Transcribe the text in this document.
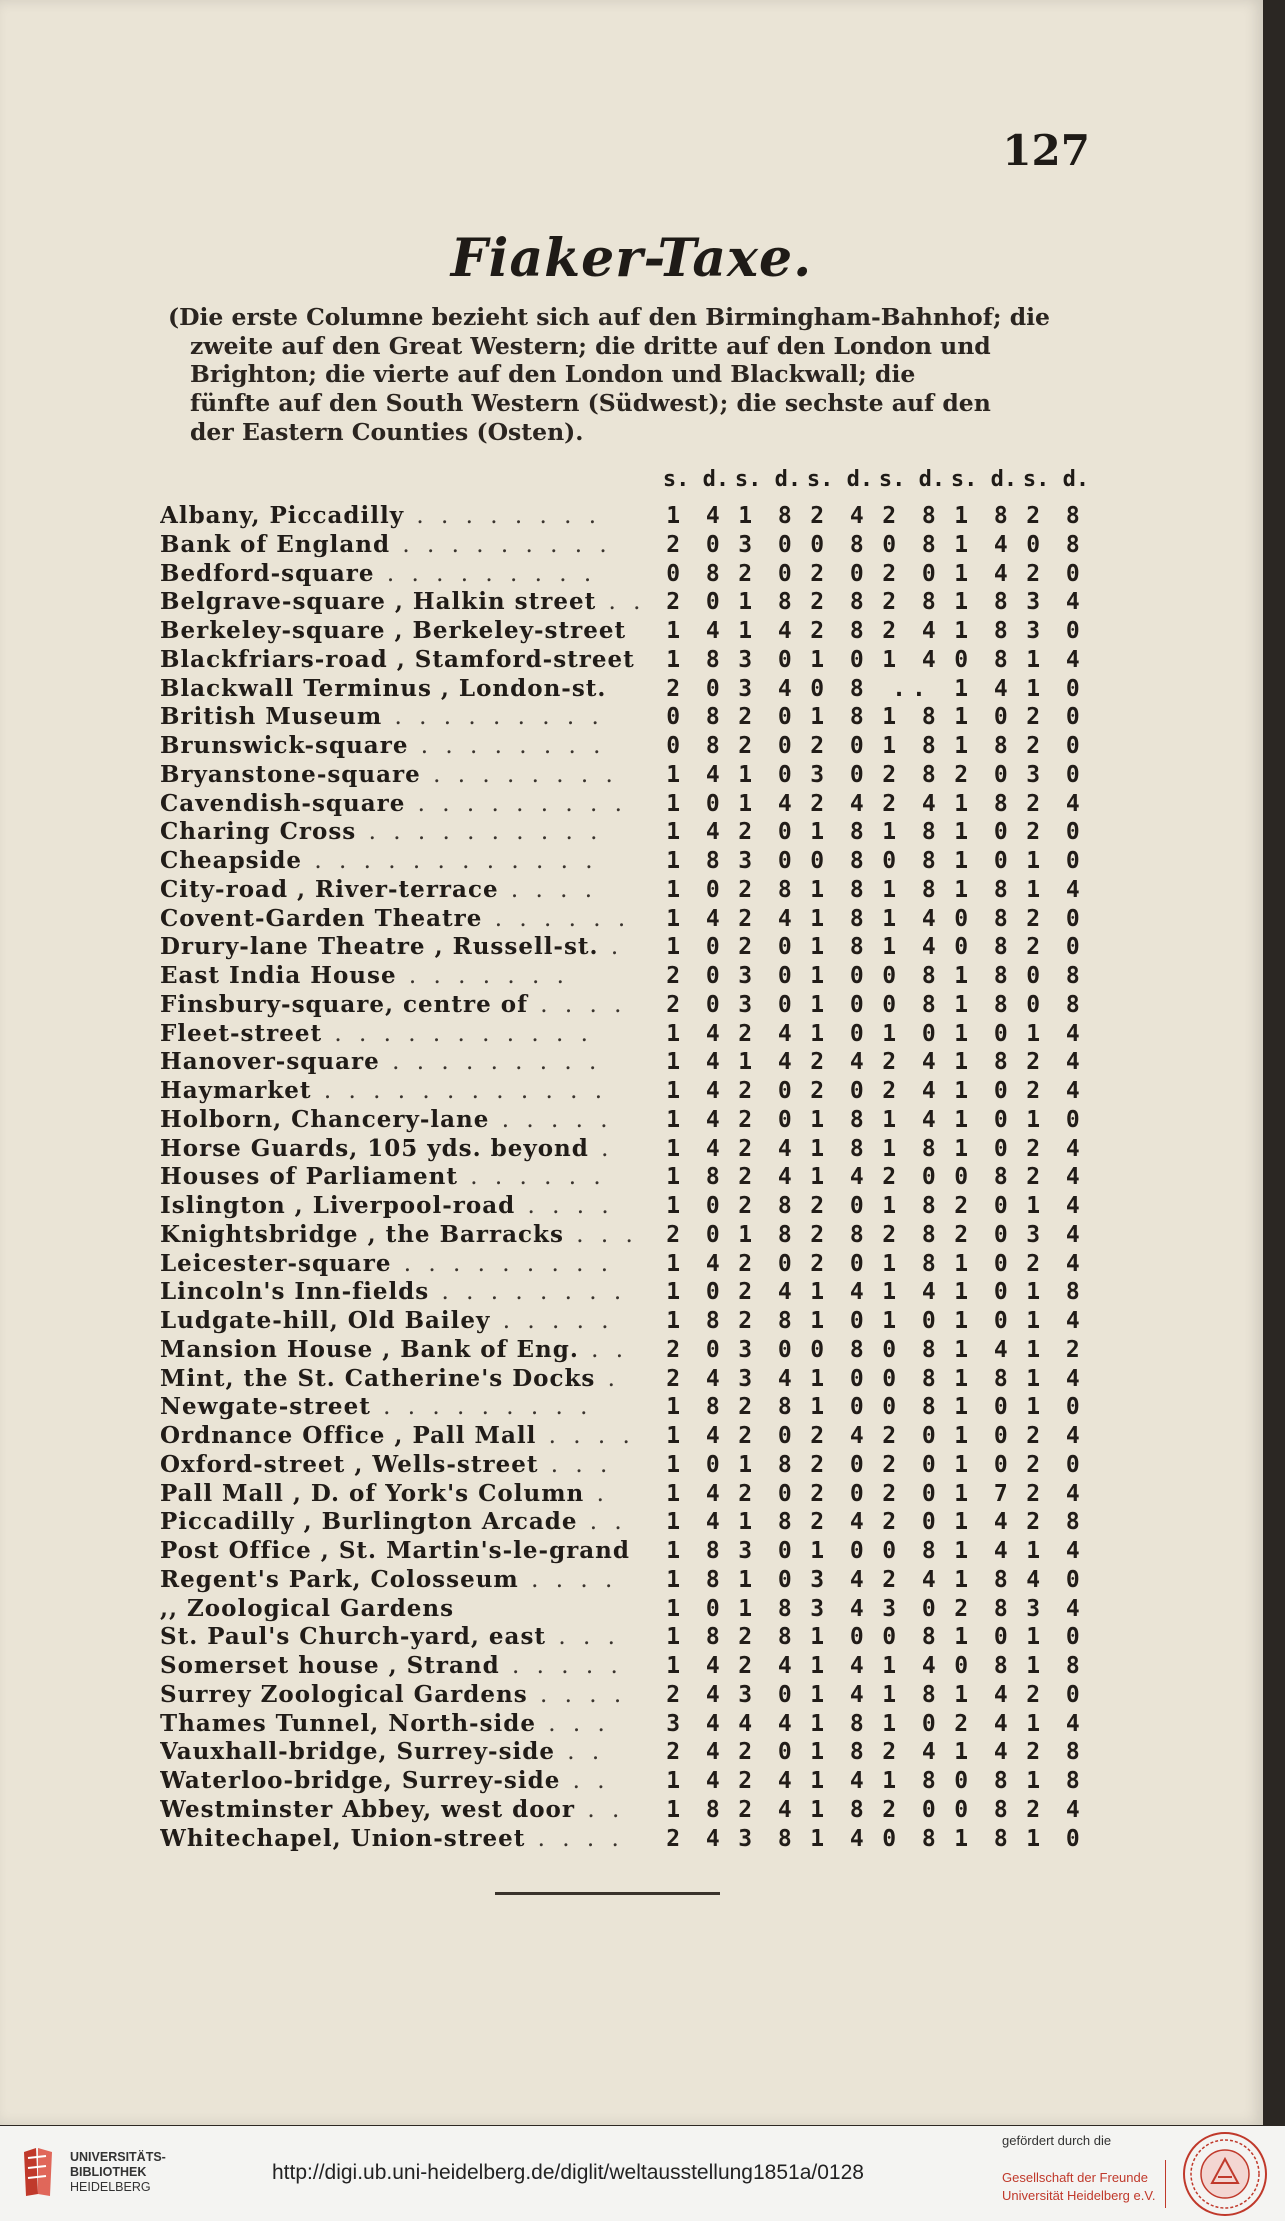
127
Fiaker-Taxe.

(Die erste Columne bezieht sich auf den Birmingham-Bahnhof; die

zweite auf den Great Western; die dritte auf den London und

Brighton; die vierte auf den London und Blackwall; die

fünfte auf den South Western (Südwest); die sechste auf den

der Eastern Counties (Osten).

s. d. s. d. s. d. s. d. s. d. s. d.
Albany, Piccadilly . . . . . . . .	1 4 1 8 2 4 2 8 1 8 2 8
Bank of England . . . . . . . . .	2 0 3 0 0 8 0 8 1 4 0 8
Bedford-square . . . . . . . . .	0 8 2 0 2 0 2 0 1 4 2 0
Belgrave-square , Halkin street . . 2 0 1 8 2 8 2 8 1 8 3 4
Berkeley-square , Berkeley-street	1 4 1 4 2 8 2 4 1 8 3 0
Blackfriars-road , Stamford-street	1 8 3 0 1 0 1 4 0 8 1 4
Blackwall Terminus , London-st.	2 0 3 4 0 8 .. 1 4 1 0
British Museum . . . . . . . . .	0 8 2 0 1 8 1 8 1 0 2 0
Brunswick-square . . . . . . . .	0 8 2 0 2 0 1 8 1 8 2 0
Bryanstone-square . . . . . . . .	1 4 1 0 3 0 2 8 2 0 3 0
Cavendish-square . . . . . . . . .	1 0 1 4 2 4 2 4 1 8 2 4
Charing Cross . . . . . . . . . .	1 4 2 0 1 8 1 8 1 0 2 0
Cheapside . . . . . . . . . . . .	1 8 3 0 0 8 0 8 1 0 1 0
City-road , River-terrace . . . .	1 0 2 8 1 8 1 8 1 8 1 4
Covent-Garden Theatre . . . . . .	1 4 2 4 1 8 1 4 0 8 2 0
Drury-lane Theatre , Russell-st. .	1 0 2 0 1 8 1 4 0 8 2 0
East India House . . . . . . .	2 0 3 0 1 0 0 8 1 8 0 8
Finsbury-square, centre of . . . .	2 0 3 0 1 0 0 8 1 8 0 8
Fleet-street . . . . . . . . . . .	1 4 2 4 1 0 1 0 1 0 1 4
Hanover-square . . . . . . . . .	1 4 1 4 2 4 2 4 1 8 2 4
Haymarket . . . . . . . . . . . .	1 4 2 0 2 0 2 4 1 0 2 4
Holborn, Chancery-lane . . . . .	1 4 2 0 1 8 1 4 1 0 1 0
Horse Guards, 105 yds. beyond .	1 4 2 4 1 8 1 8 1 0 2 4
Houses of Parliament . . . . . .	1 8 2 4 1 4 2 0 0 8 2 4
Islington , Liverpool-road . . . .	1 0 2 8 2 0 1 8 2 0 1 4
Knightsbridge , the Barracks . . .	2 0 1 8 2 8 2 8 2 0 3 4
Leicester-square . . . . . . . . .	1 4 2 0 2 0 1 8 1 0 2 4
Lincoln's Inn-fields . . . . . . . .	1 0 2 4 1 4 1 4 1 0 1 8
Ludgate-hill, Old Bailey . . . . .	1 8 2 8 1 0 1 0 1 0 1 4
Mansion House , Bank of Eng. . .	2 0 3 0 0 8 0 8 1 4 1 2
Mint, the St. Catherine's Docks .	2 4 3 4 1 0 0 8 1 8 1 4
Newgate-street . . . . . . . . .	1 8 2 8 1 0 0 8 1 0 1 0
Ordnance Office , Pall Mall . . . .	1 4 2 0 2 4 2 0 1 0 2 4
Oxford-street , Wells-street . . .	1 0 1 8 2 0 2 0 1 0 2 0
Pall Mall , D. of York's Column .	1 4 2 0 2 0 2 0 1 7 2 4
Piccadilly , Burlington Arcade . .	1 4 1 8 2 4 2 0 1 4 2 8
Post Office , St. Martin's-le-grand	1 8 3 0 1 0 0 8 1 4 1 4
Regent's Park, Colosseum . . . .	1 8 1 0 3 4 2 4 1 8 4 0
,, Zoological Gardens	1 0 1 8 3 4 3 0 2 8 3 4
St. Paul's Church-yard, east . . .	1 8 2 8 1 0 0 8 1 0 1 0
Somerset house , Strand . . . . .	1 4 2 4 1 4 1 4 0 8 1 8
Surrey Zoological Gardens . . . .	2 4 3 0 1 4 1 8 1 4 2 0
Thames Tunnel, North-side . . .	3 4 4 4 1 8 1 0 2 4 1 4
Vauxhall-bridge, Surrey-side . .	2 4 2 0 1 8 2 4 1 4 2 8
Waterloo-bridge, Surrey-side . .	1 4 2 4 1 4 1 8 0 8 1 8
Westminster Abbey, west door . .	1 8 2 4 1 8 2 0 0 8 2 4
Whitechapel, Union-street . . . .	2 4 3 8 1 4 0 8 1 8 1 0
UNIVERSITÄTS-
BIBLIOTHEK
HEIDELBERG
http://digi.ub.uni-heidelberg.de/diglit/weltausstellung1851a/0128
gefördert durch die
Gesellschaft der Freunde
Universität Heidelberg e.V.
